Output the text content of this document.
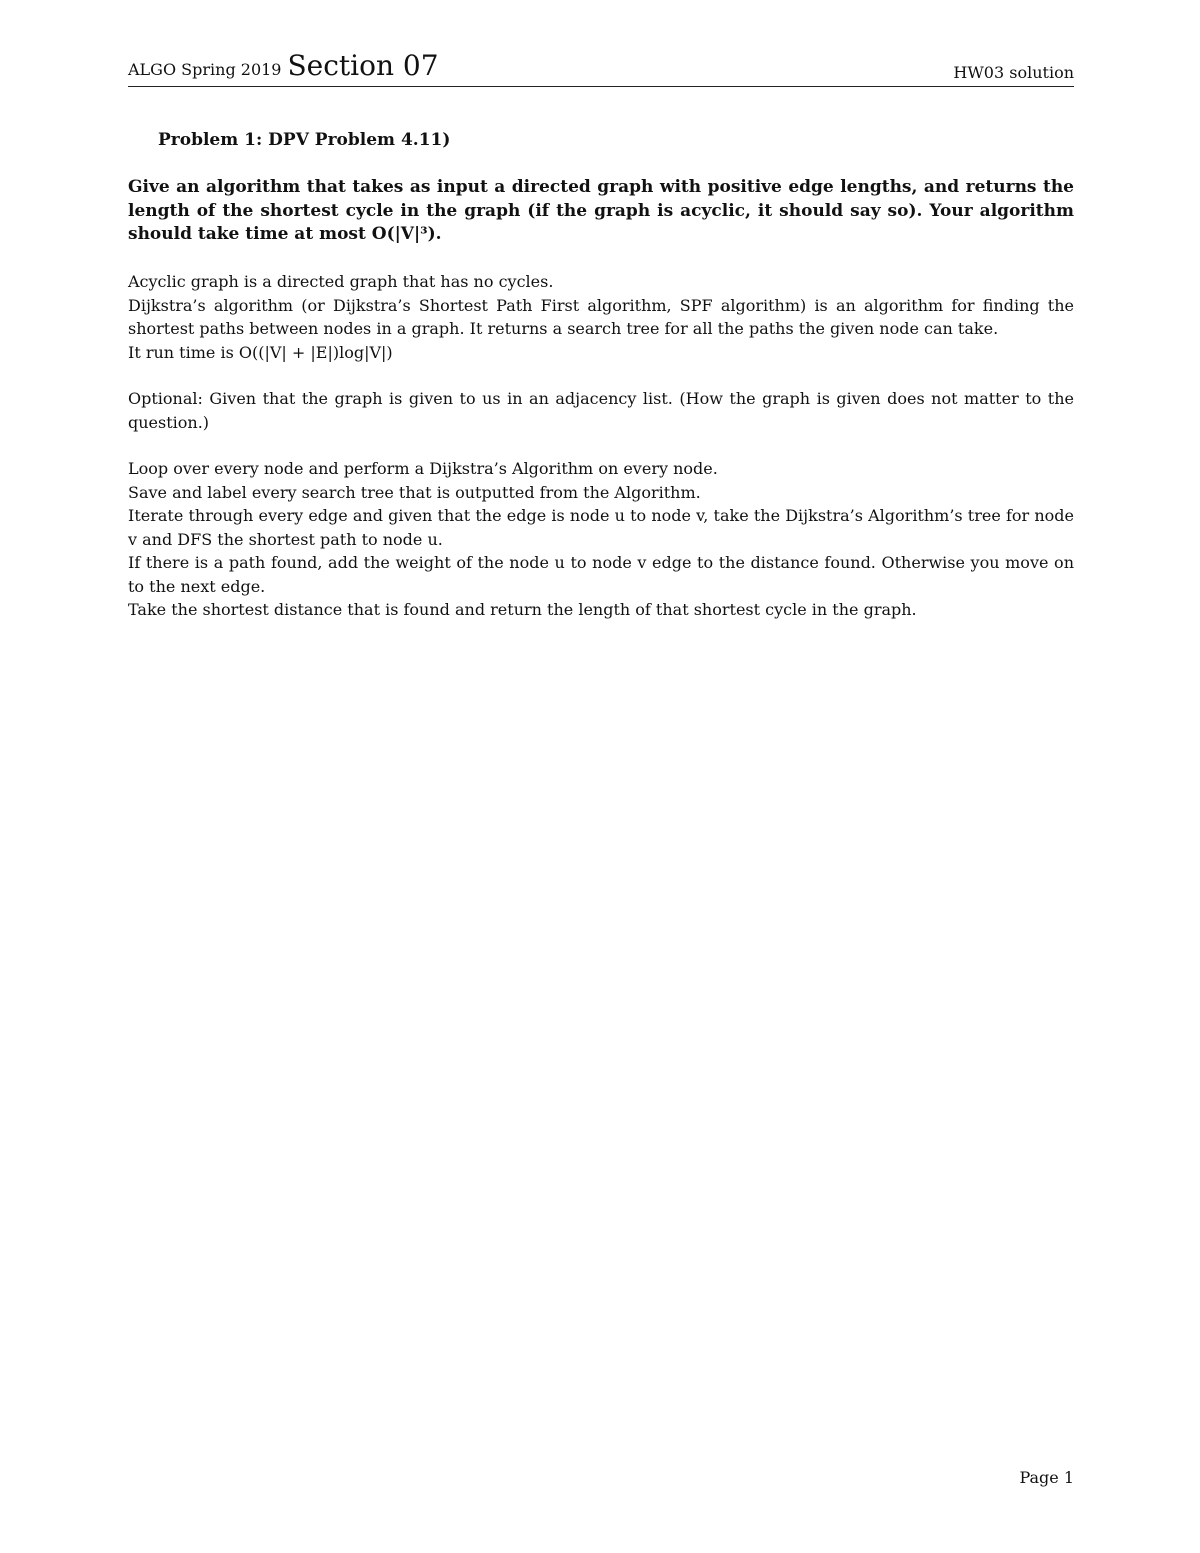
ALGO Spring 2019 Section 07	HW03 solution
Problem 1: DPV Problem 4.11)
Give an algorithm that takes as input a directed graph with positive edge lengths, and returns the length of the shortest cycle in the graph (if the graph is acyclic, it should say so). Your algorithm should take time at most O(|V|³).
Acyclic graph is a directed graph that has no cycles.
Dijkstra’s algorithm (or Dijkstra’s Shortest Path First algorithm, SPF algorithm) is an algorithm for finding the shortest paths between nodes in a graph. It returns a search tree for all the paths the given node can take.
It run time is O((|V| + |E|)log|V|)
Optional: Given that the graph is given to us in an adjacency list. (How the graph is given does not matter to the question.)
Loop over every node and perform a Dijkstra’s Algorithm on every node.
Save and label every search tree that is outputted from the Algorithm.
Iterate through every edge and given that the edge is node u to node v, take the Dijkstra’s Algorithm’s tree for node v and DFS the shortest path to node u.
If there is a path found, add the weight of the node u to node v edge to the distance found. Otherwise you move on to the next edge.
Take the shortest distance that is found and return the length of that shortest cycle in the graph.
Page 1
